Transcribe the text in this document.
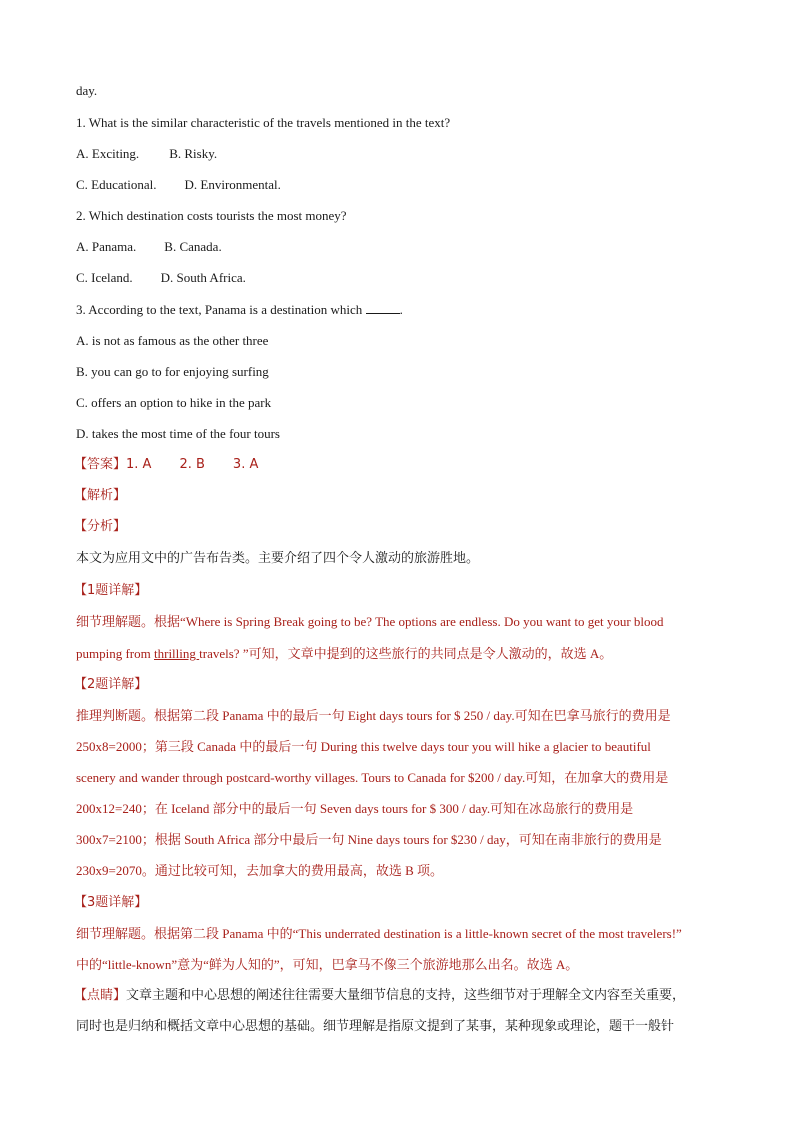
day.
1. What is the similar characteristic of the travels mentioned in the text?
A. Exciting. B. Risky.
C. Educational. D. Environmental.
2. Which destination costs tourists the most money?
A. Panama. B. Canada.
C. Iceland. D. South Africa.
3. According to the text, Panama is a destination which	.
A. is not as famous as the other three
B. you can go to for enjoying surfing
C. offers an option to hike in the park
D. takes the most time of the four tours
【答案】1. A 2. B 3. A
【解析】
【分析】
本文为应用文中的广告布告类。主要介绍了四个令人激动的旅游胜地。
【1题详解】
细节理解题。根据“Where is Spring Break going to be? The options are endless. Do you want to get your blood
pumping from thrilling travels? ”可知，文章中提到的这些旅行的共同点是令人激动的，故选 A。
【2题详解】
推理判断题。根据第二段 Panama 中的最后一句 Eight days tours for $ 250 / day.可知在巴拿马旅行的费用是
250x8=2000；第三段 Canada 中的最后一句 During this twelve days tour you will hike a glacier to beautiful
scenery and wander through postcard-worthy villages. Tours to Canada for $200 / day.可知，在加拿大的费用是
200x12=240；在 Iceland 部分中的最后一句 Seven days tours for $ 300 / day.可知在冰岛旅行的费用是
300x7=2100；根据 South Africa 部分中最后一句 Nine days tours for $230 / day，可知在南非旅行的费用是
230x9=2070。通过比较可知，去加拿大的费用最高，故选 B 项。
【3题详解】
细节理解题。根据第二段 Panama 中的“This underrated destination is a little-known secret of the most travelers!”
中的“little-known”意为“鲜为人知的”，可知，巴拿马不像三个旅游地那么出名。故选 A。
【点睛】文章主题和中心思想的阐述往往需要大量细节信息的支持，这些细节对于理解全文内容至关重要，
同时也是归纳和概括文章中心思想的基础。细节理解是指原文提到了某事，某种现象或理论，题干一般针
